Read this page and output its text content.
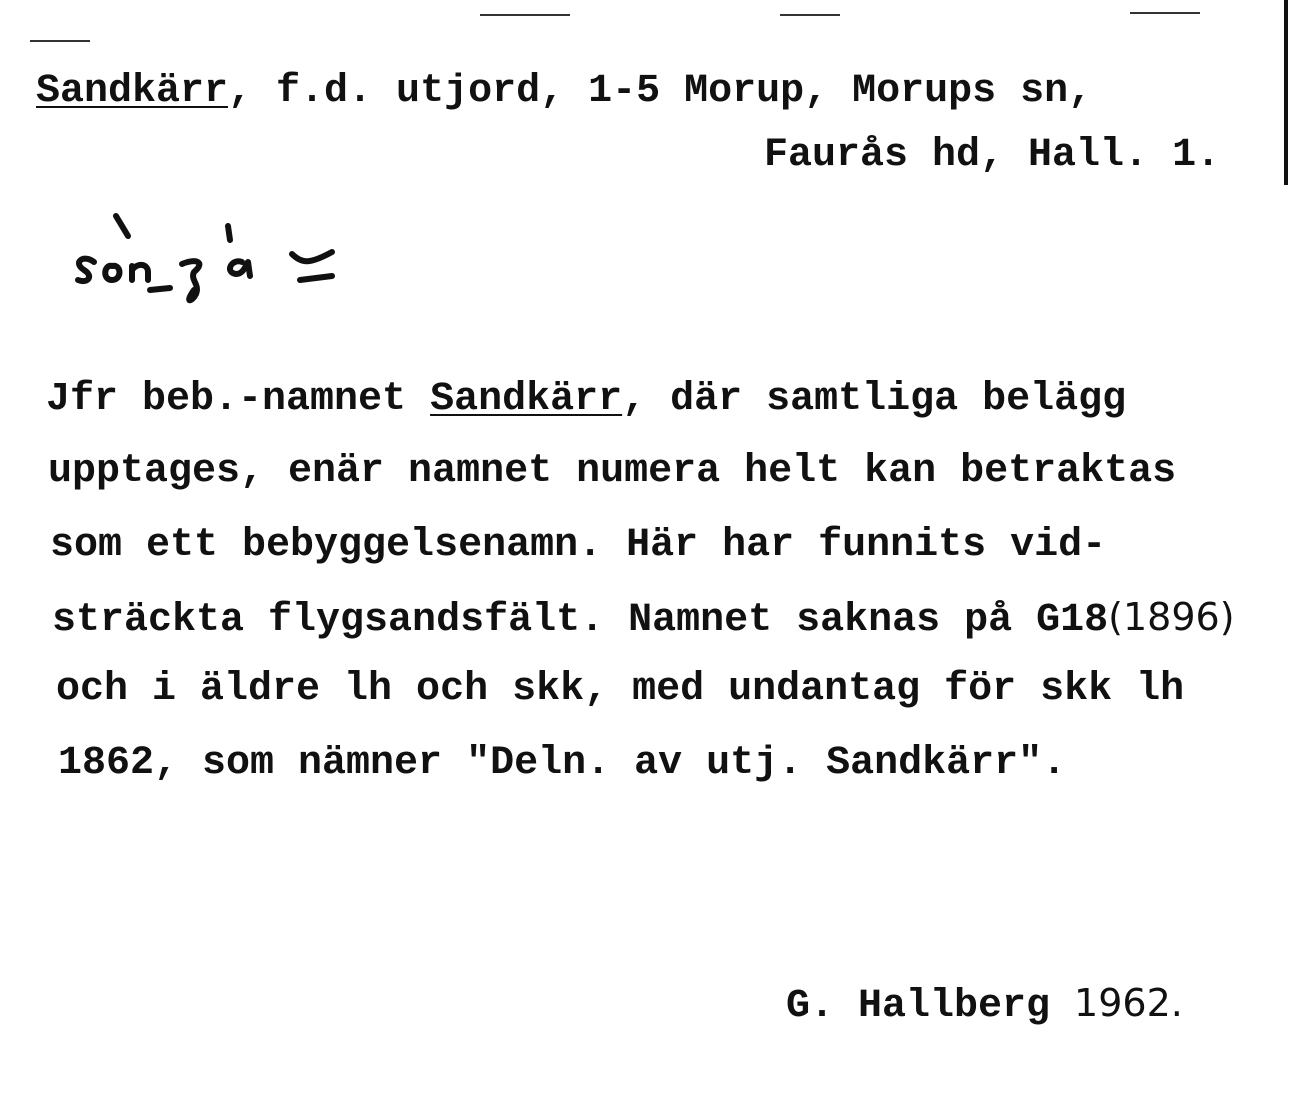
Sandkärr, f.d. utjord, 1-5 Morup, Morups sn,
Faurås hd, Hall. 1.
sònjåv
Jfr beb.-namnet Sandkärr, där samtliga belägg
upptages, enär namnet numera helt kan betraktas
som ett bebyggelsenamn. Här har funnits vid-
sträckta flygsandsfält. Namnet saknas på G18(1896)
och i äldre lh och skk, med undantag för skk lh
1862, som nämner "Deln. av utj. Sandkärr".
G. Hallberg 1962.
